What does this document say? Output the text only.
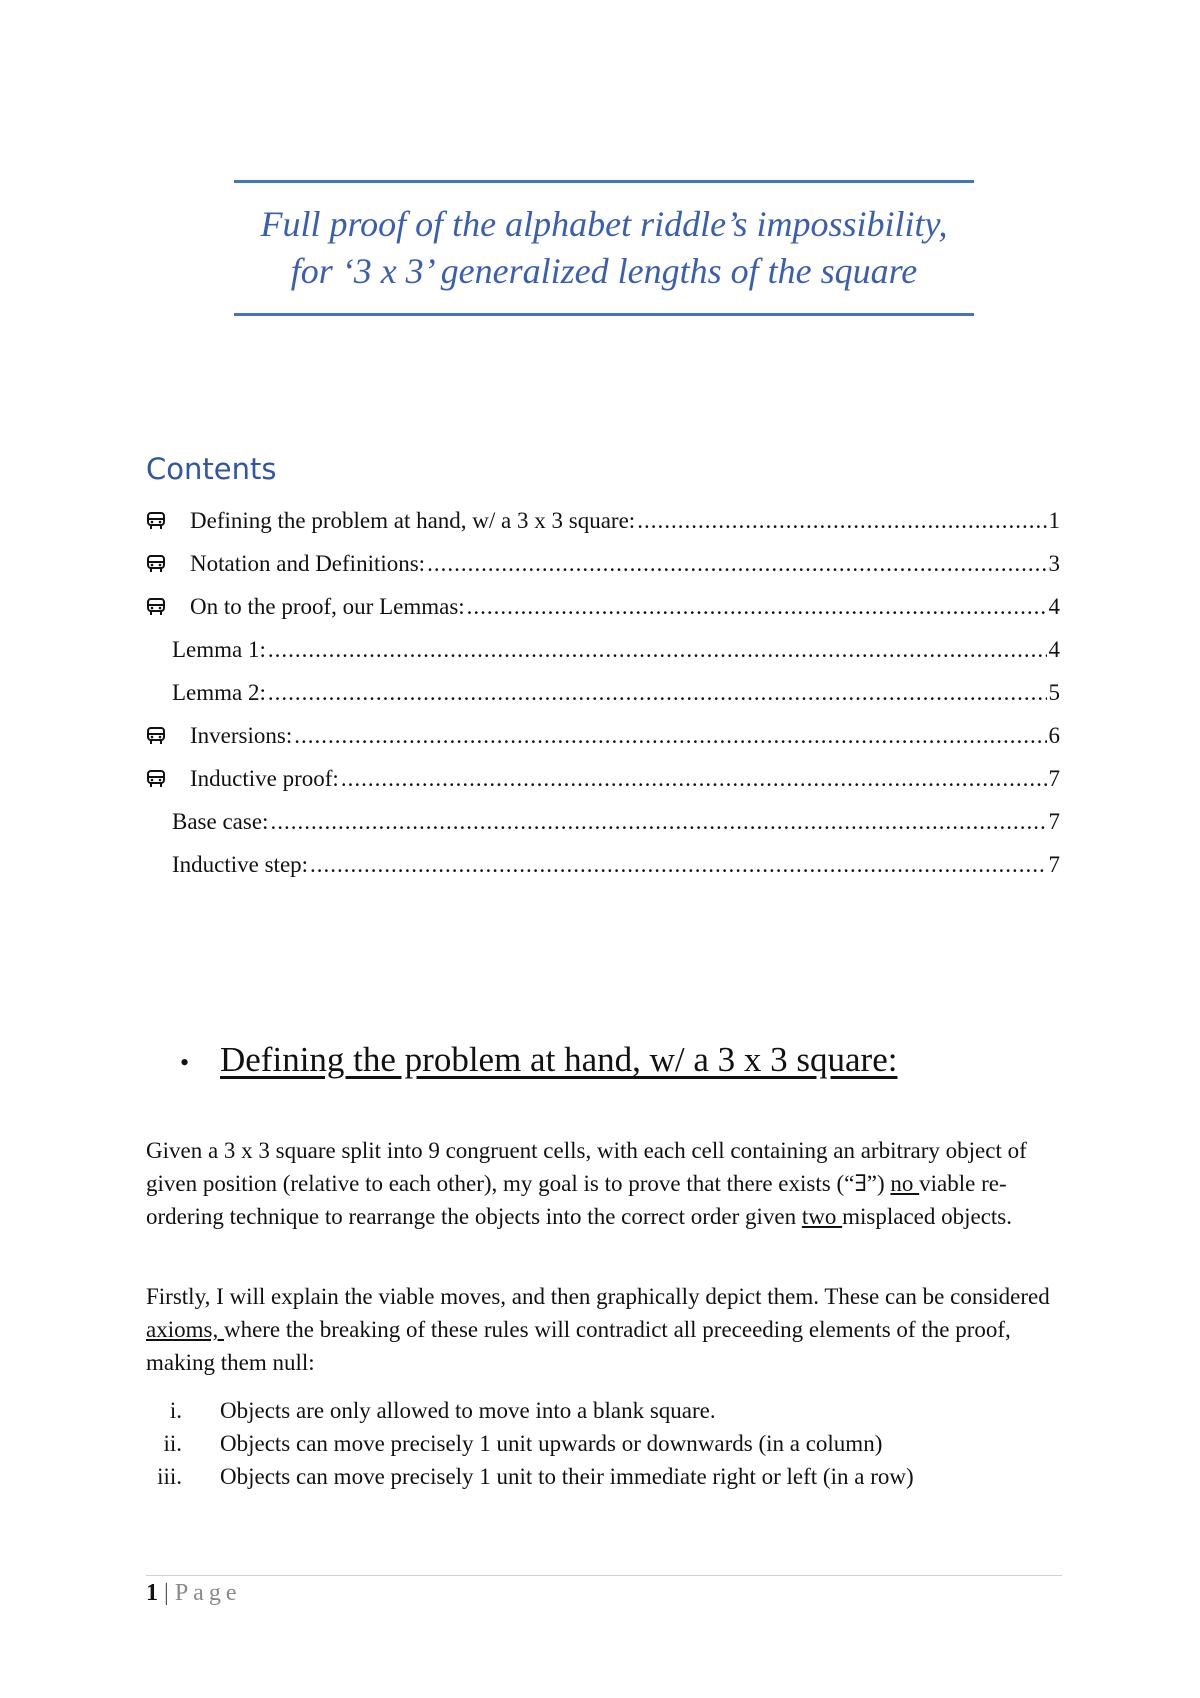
Full proof of the alphabet riddle’s impossibility,
for ‘3 x 3’ generalized lengths of the square
Contents
Defining the problem at hand, w/ a 3 x 3 square: .....	1
Notation and Definitions: .....	3
On to the proof, our Lemmas: .....	4
Lemma 1: .....	4
Lemma 2: .....	5
Inversions: .....	6
Inductive proof: .....	7
Base case: .....	7
Inductive step: .....	7
• Defining the problem at hand, w/ a 3 x 3 square:
Given a 3 x 3 square split into 9 congruent cells, with each cell containing an arbitrary object of given position (relative to each other), my goal is to prove that there exists (“∃”) no viable re-ordering technique to rearrange the objects into the correct order given two misplaced objects.
Firstly, I will explain the viable moves, and then graphically depict them. These can be considered axioms, where the breaking of these rules will contradict all preceeding elements of the proof, making them null:
i.	Objects are only allowed to move into a blank square.
ii.	Objects can move precisely 1 unit upwards or downwards (in a column)
iii.	Objects can move precisely 1 unit to their immediate right or left (in a row)
1 | Page
